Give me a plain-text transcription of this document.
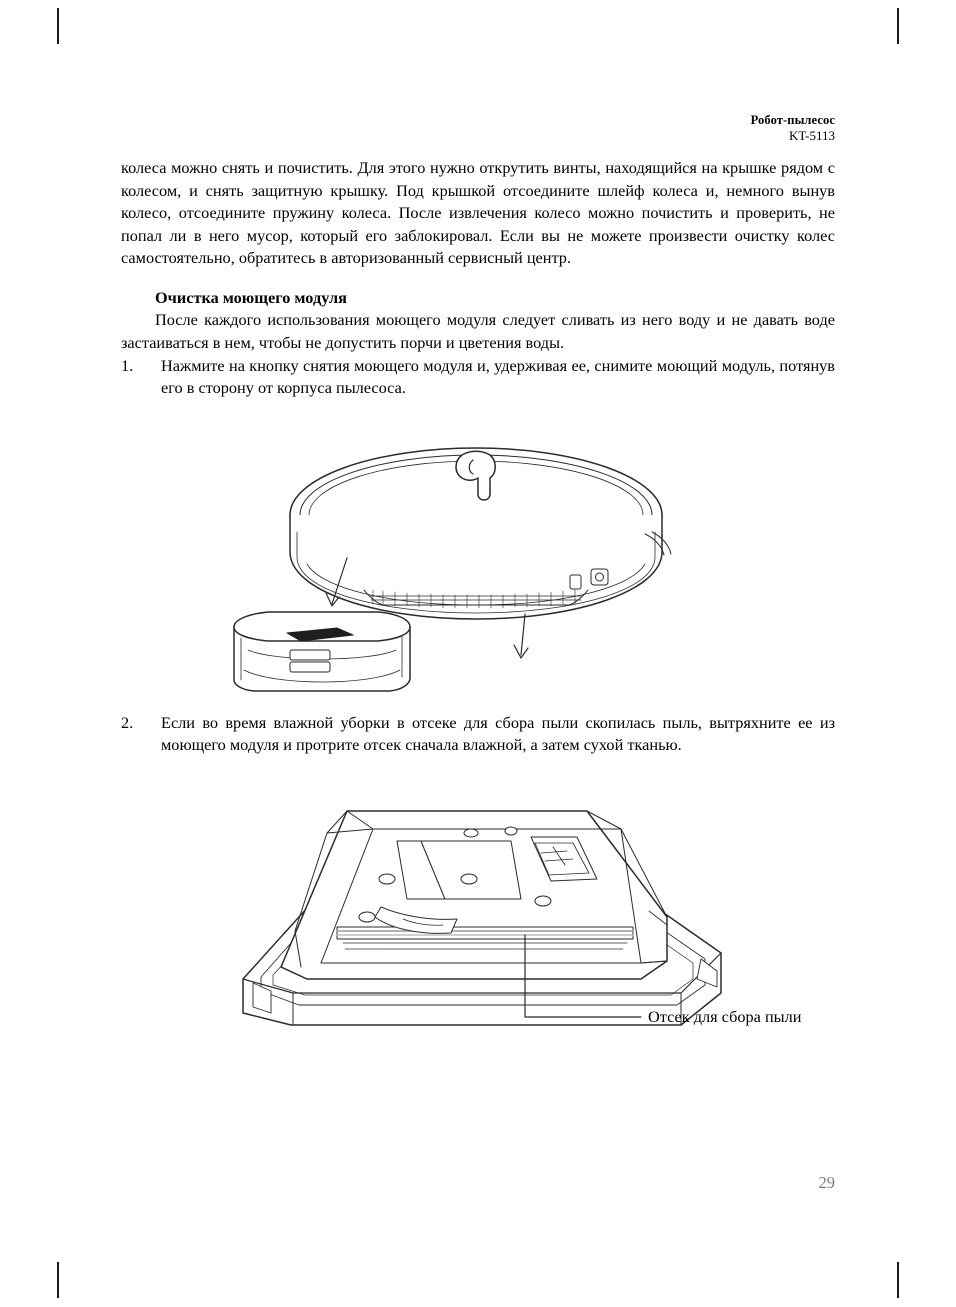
Робот-пылесос
KT-5113

колеса можно снять и почистить. Для этого нужно открутить винты, находящийся на крышке рядом с колесом, и снять защитную крышку. Под крышкой отсоедините шлейф колеса и, немного вынув колесо, отсоедините пружину колеса. После извлечения колесо можно почистить и проверить, не попал ли в него мусор, который его заблокировал. Если вы не можете произвести очистку колес самостоятельно, обратитесь в авторизованный сервисный центр.

Очистка моющего модуля

После каждого использования моющего модуля следует сливать из него воду и не давать воде застаиваться в нем, чтобы не допустить порчи и цветения воды.

1.	Нажмите на кнопку снятия моющего модуля и, удерживая ее, снимите моющий модуль, потянув его в сторону от корпуса пылесоса.
2.	Если во время влажной уборки в отсеке для сбора пыли скопилась пыль, вытряхните ее из моющего модуля и протрите отсек сначала влажной, а затем сухой тканью.
Отсек для сбора пыли
29
